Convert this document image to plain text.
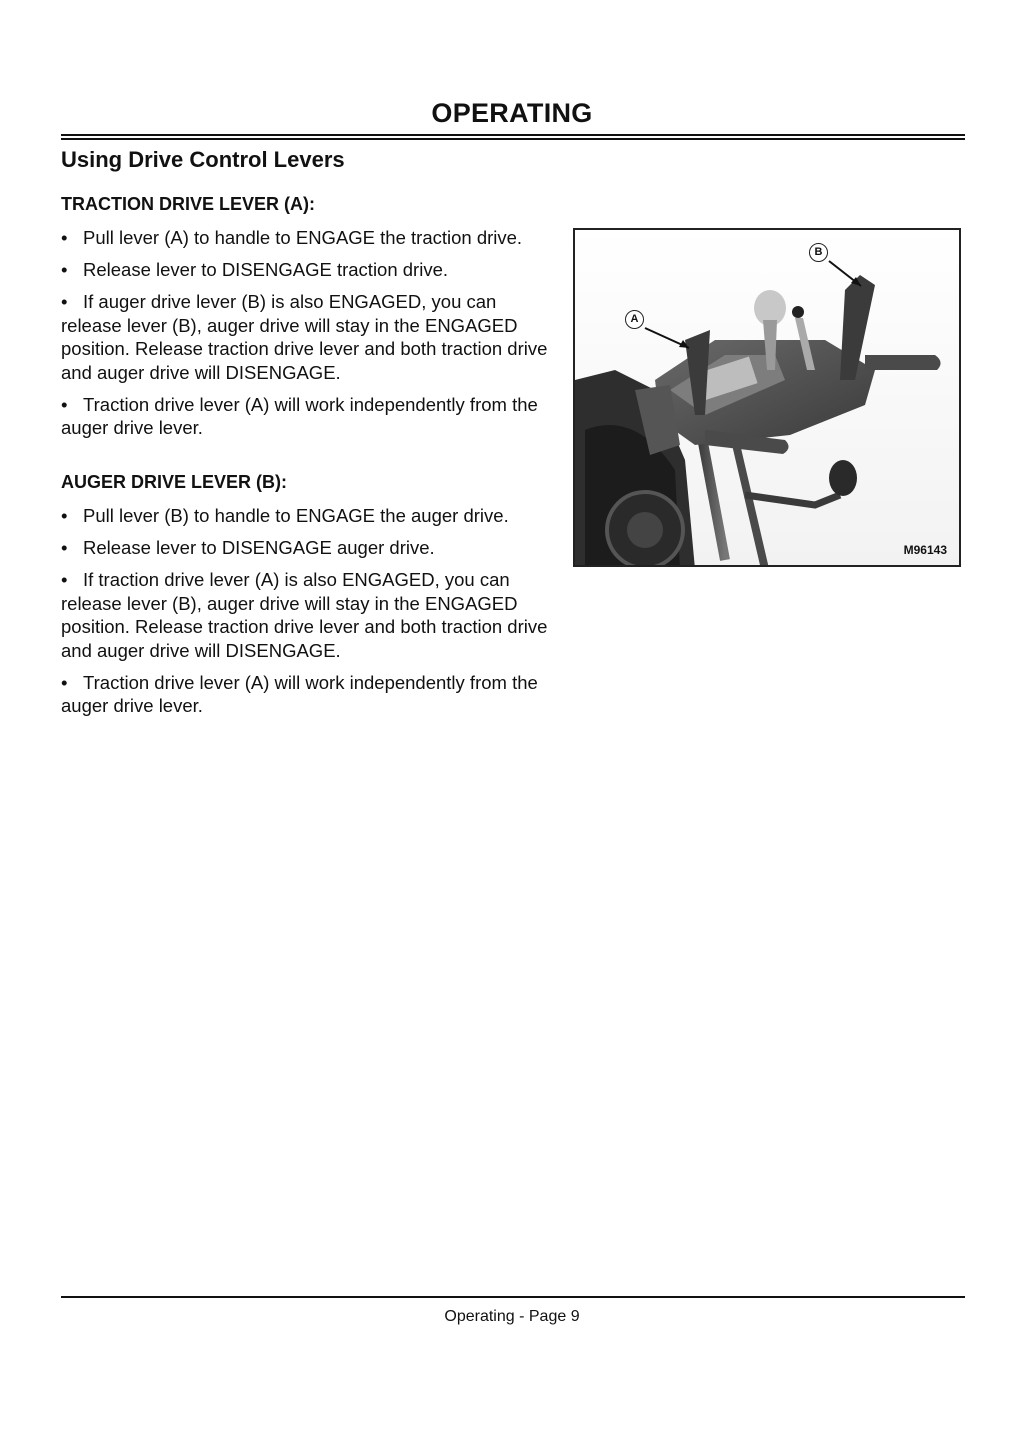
OPERATING
Using Drive Control Levers
TRACTION DRIVE LEVER (A):
• Pull lever (A) to handle to ENGAGE the traction drive.
• Release lever to DISENGAGE traction drive.
• If auger drive lever (B) is also ENGAGED, you can release lever (B), auger drive will stay in the ENGAGED position. Release traction drive lever and both traction drive and auger drive will DISENGAGE.
• Traction drive lever (A) will work independently from the auger drive lever.
AUGER DRIVE LEVER (B):
• Pull lever (B) to handle to ENGAGE the auger drive.
• Release lever to DISENGAGE auger drive.
• If traction drive lever (A) is also ENGAGED, you can release lever (B), auger drive will stay in the ENGAGED position. Release traction drive lever and both traction drive and auger drive will DISENGAGE.
• Traction drive lever (A) will work independently from the auger drive lever.
A
B
M96143
Operating - Page 9
